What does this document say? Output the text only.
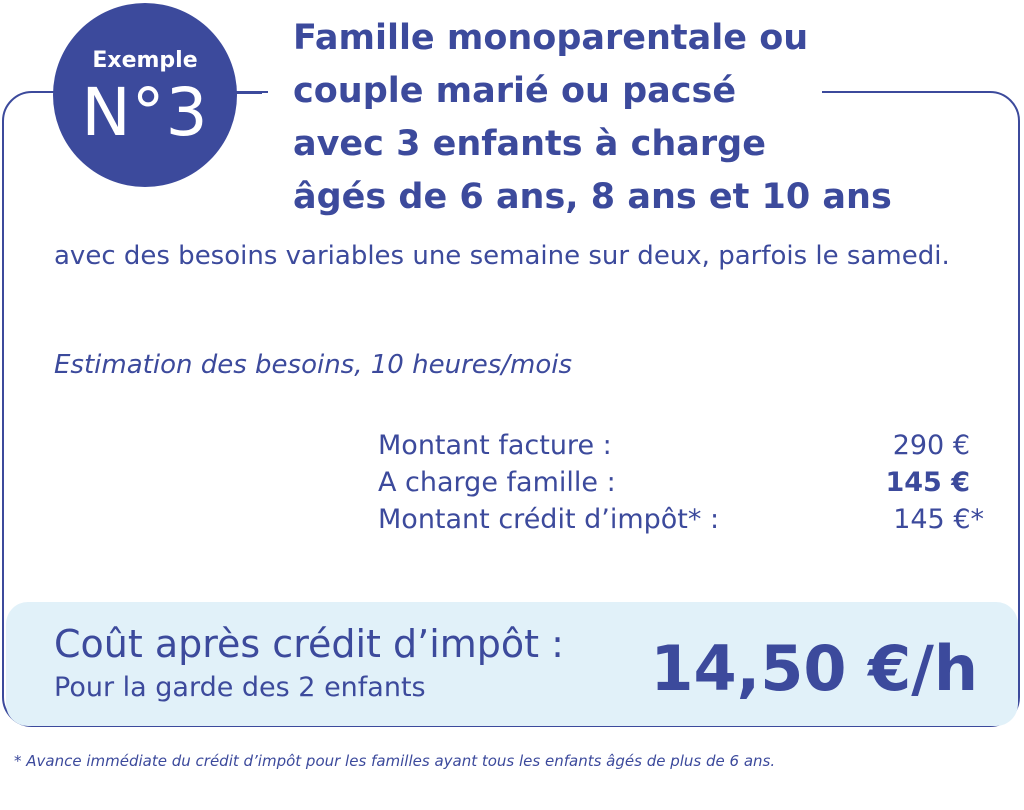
Exemple
N°3
Famille monoparentale ou
couple marié ou pacsé
avec 3 enfants à charge
âgés de 6 ans, 8 ans et 10 ans

avec des besoins variables une semaine sur deux, parfois le samedi.

Estimation des besoins, 10 heures/mois

Montant facture :	290 €
A charge famille :	145 €
Montant crédit d’impôt* :	145 €*
Coût après crédit d’impôt :
Pour la garde des 2 enfants	14,50 €/h

* Avance immédiate du crédit d’impôt pour les familles ayant tous les enfants âgés de plus de 6 ans.
